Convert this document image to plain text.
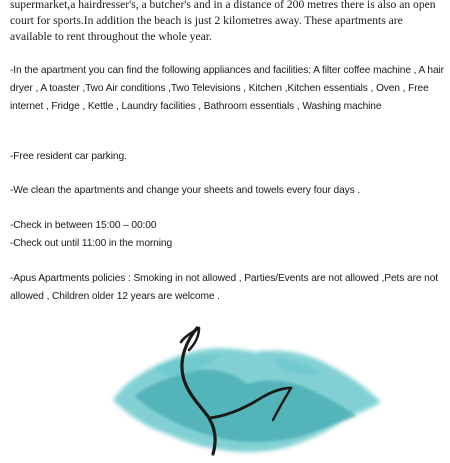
supermarket,a hairdresser's, a butcher's and in a distance of 200 metres there is also an open court for sports.In addition the beach is just 2 kilometres away. These apartments are available to rent throughout the whole year.

-In the apartment you can find the following appliances and facilities: A filter coffee machine , A hair dryer , A toaster ,Two Air conditions ,Two Televisions , Kitchen ,Kitchen essentials , Oven , Free internet , Fridge , Kettle , Laundry facilities , Bathroom essentials , Washing machine

-Free resident car parking.

-We clean the apartments and change your sheets and towels every four days .

-Check in between 15:00 – 00:00

-Check out until 11:00 in the morning

-Apus Apartments policies : Smoking in not allowed , Parties/Events are not allowed ,Pets are not allowed , Children older 12 years are welcome .
